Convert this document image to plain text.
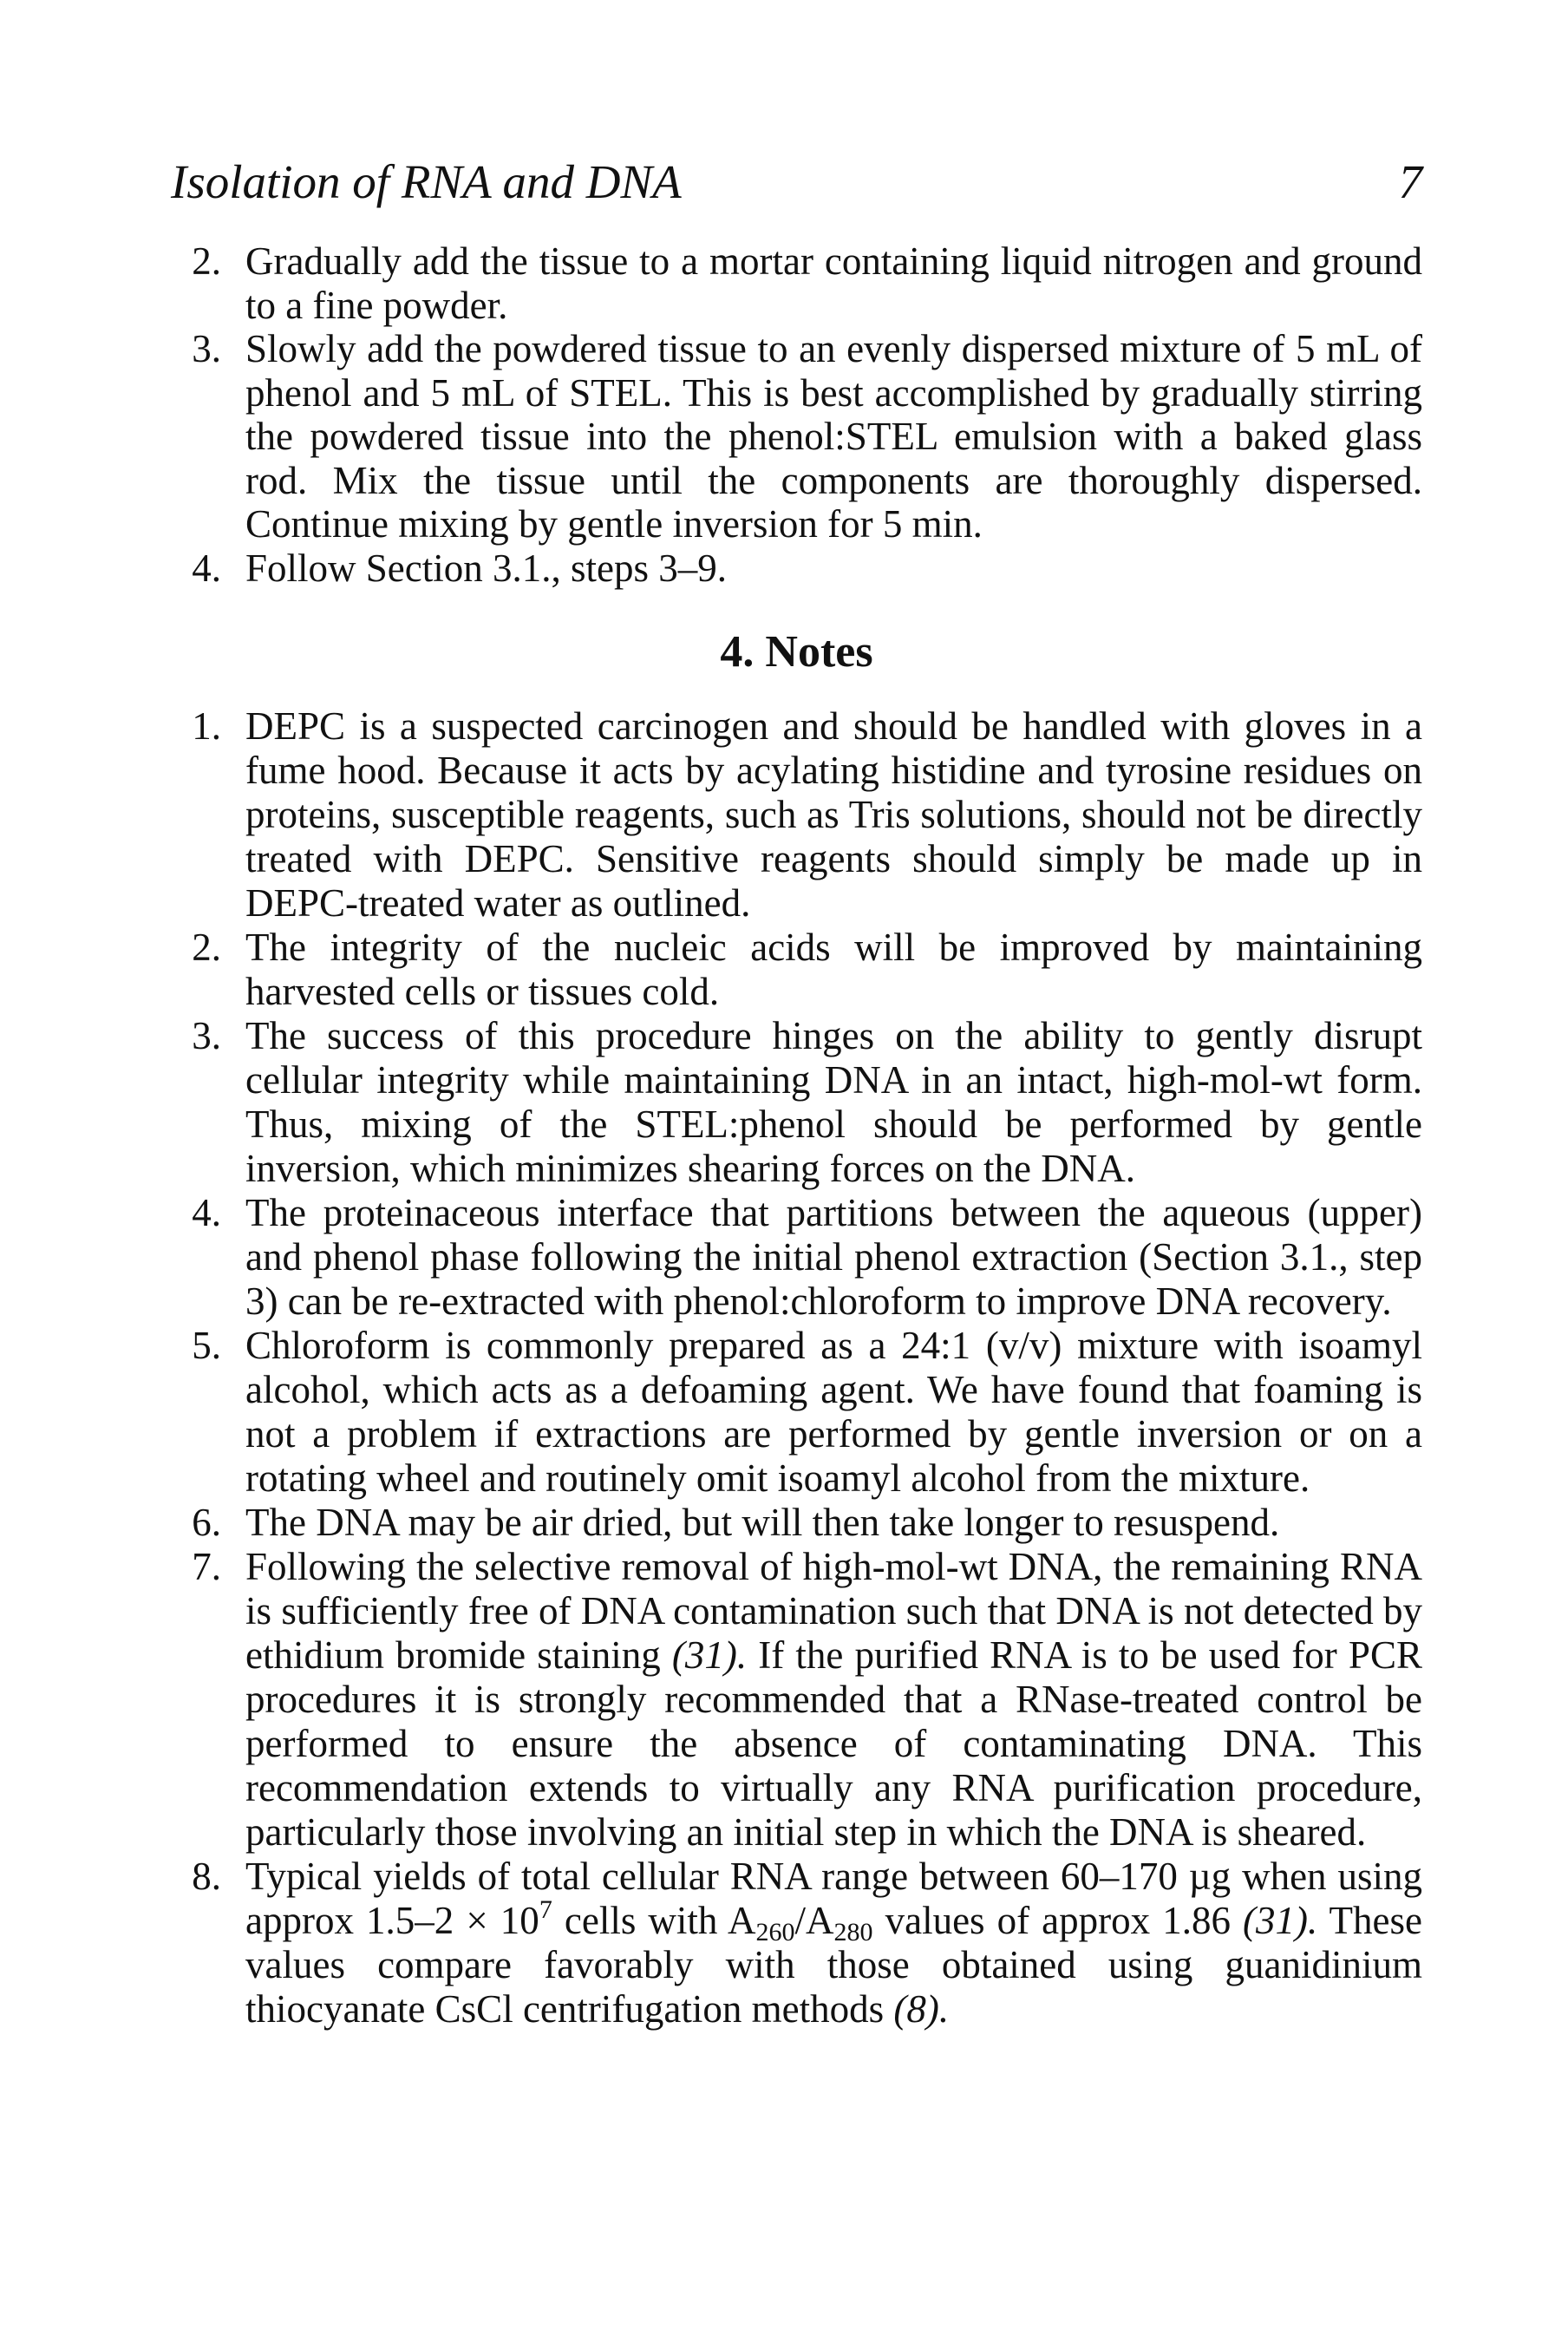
Isolation of RNA and DNA	7
2. Gradually add the tissue to a mortar containing liquid nitrogen and ground to a fine powder.
3. Slowly add the powdered tissue to an evenly dispersed mixture of 5 mL of phenol and 5 mL of STEL. This is best accomplished by gradually stirring the powdered tissue into the phenol:STEL emulsion with a baked glass rod. Mix the tissue until the components are thoroughly dispersed. Continue mixing by gentle inversion for 5 min.
4. Follow Section 3.1., steps 3–9.
4. Notes
1. DEPC is a suspected carcinogen and should be handled with gloves in a fume hood. Because it acts by acylating histidine and tyrosine residues on proteins, susceptible reagents, such as Tris solutions, should not be directly treated with DEPC. Sensitive reagents should simply be made up in DEPC-treated water as outlined.
2. The integrity of the nucleic acids will be improved by maintaining harvested cells or tissues cold.
3. The success of this procedure hinges on the ability to gently disrupt cellular integrity while maintaining DNA in an intact, high-mol-wt form. Thus, mixing of the STEL:phenol should be performed by gentle inversion, which minimizes shearing forces on the DNA.
4. The proteinaceous interface that partitions between the aqueous (upper) and phenol phase following the initial phenol extraction (Section 3.1., step 3) can be re-extracted with phenol:chloroform to improve DNA recovery.
5. Chloroform is commonly prepared as a 24:1 (v/v) mixture with isoamyl alcohol, which acts as a defoaming agent. We have found that foaming is not a problem if extractions are performed by gentle inversion or on a rotating wheel and routinely omit isoamyl alcohol from the mixture.
6. The DNA may be air dried, but will then take longer to resuspend.
7. Following the selective removal of high-mol-wt DNA, the remaining RNA is sufficiently free of DNA contamination such that DNA is not detected by ethidium bromide staining (31). If the purified RNA is to be used for PCR procedures it is strongly recommended that a RNase-treated control be performed to ensure the absence of contaminating DNA. This recommendation extends to virtually any RNA purification procedure, particularly those involving an initial step in which the DNA is sheared.
8. Typical yields of total cellular RNA range between 60–170 µg when using approx $1.5-2 \times 10^7$ cells with $A_{260}/A_{280}$ values of approx 1.86 (31). These values compare favorably with those obtained using guanidinium thiocyanate CsCl centrifugation methods (8).
